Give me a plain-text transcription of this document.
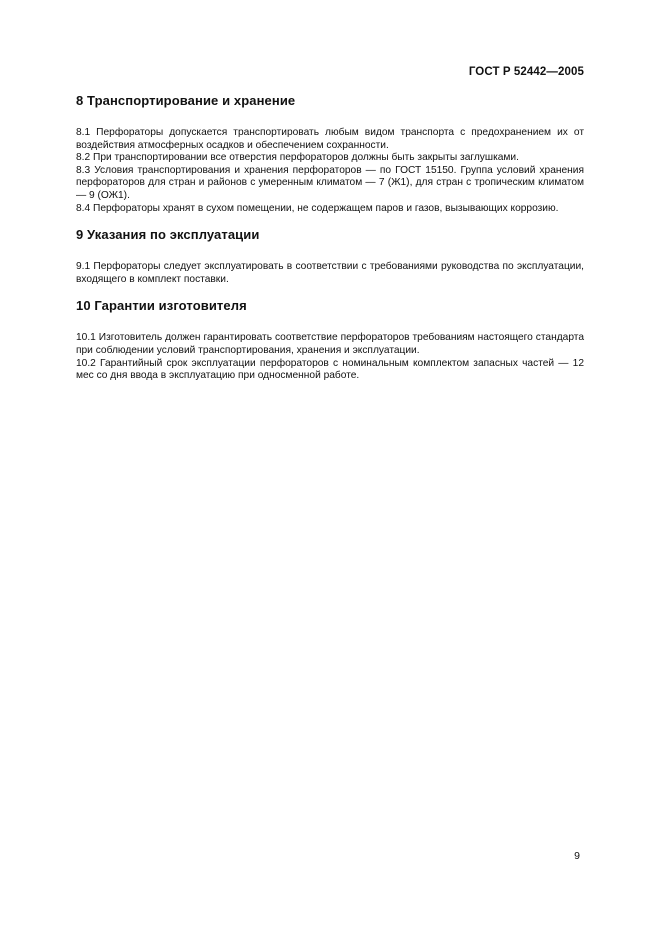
ГОСТ Р 52442—2005
8 Транспортирование и хранение

8.1 Перфораторы допускается транспортировать любым видом транспорта с предохранением их от воздействия атмосферных осадков и обеспечением сохранности.

8.2 При транспортировании все отверстия перфораторов должны быть закрыты заглушками.

8.3 Условия транспортирования и хранения перфораторов — по ГОСТ 15150. Группа условий хранения перфораторов для стран и районов с умеренным климатом — 7 (Ж1), для стран с тропическим климатом — 9 (ОЖ1).

8.4 Перфораторы хранят в сухом помещении, не содержащем паров и газов, вызывающих коррозию.

9 Указания по эксплуатации

9.1 Перфораторы следует эксплуатировать в соответствии с требованиями руководства по эксплуатации, входящего в комплект поставки.

10 Гарантии изготовителя

10.1 Изготовитель должен гарантировать соответствие перфораторов требованиям настоящего стандарта при соблюдении условий транспортирования, хранения и эксплуатации.

10.2 Гарантийный срок эксплуатации перфораторов с номинальным комплектом запасных частей — 12 мес со дня ввода в эксплуатацию при односменной работе.

9
